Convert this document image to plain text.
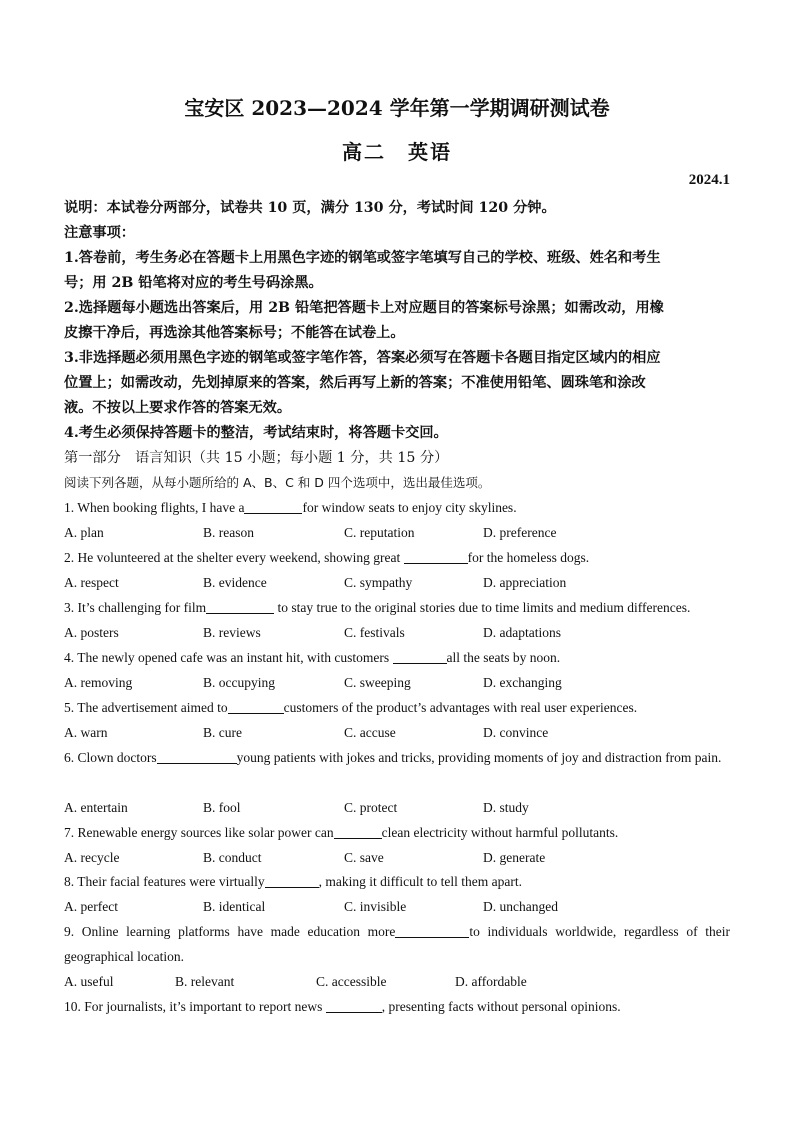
宝安区 2023—2024 学年第一学期调研测试卷
高二　英语
2024.1
说明：本试卷分两部分，试卷共 10 页，满分 130 分，考试时间 120 分钟。
注意事项：
1.答卷前，考生务必在答题卡上用黑色字迹的钢笔或签字笔填写自己的学校、班级、姓名和考生
号；用 2B 铅笔将对应的考生号码涂黑。
2.选择题每小题选出答案后，用 2B 铅笔把答题卡上对应题目的答案标号涂黑；如需改动，用橡
皮擦干净后，再选涂其他答案标号；不能答在试卷上。
3.非选择题必须用黑色字迹的钢笔或签字笔作答，答案必须写在答题卡各题目指定区域内的相应
位置上；如需改动，先划掉原来的答案，然后再写上新的答案；不准使用铅笔、圆珠笔和涂改
液。不按以上要求作答的答案无效。
4.考生必须保持答题卡的整洁，考试结束时，将答题卡交回。
第一部分　语言知识（共 15 小题；每小题 1 分，共 15 分）
阅读下列各题，从每小题所给的 A、B、C 和 D 四个选项中，选出最佳选项。
1. When booking flights, I have a	for window seats to enjoy city skylines.
A. plan	B. reason	C. reputation	D. preference
2. He volunteered at the shelter every weekend, showing great	for the homeless dogs.
A. respect	B. evidence	C. sympathy	D. appreciation
3. It’s challenging for film	to stay true to the original stories due to time limits and medium differences.
A. posters	B. reviews	C. festivals	D. adaptations
4. The newly opened cafe was an instant hit, with customers	all the seats by noon.
A. removing	B. occupying	C. sweeping	D. exchanging
5. The advertisement aimed to	customers of the product’s advantages with real user experiences.
A. warn	B. cure	C. accuse	D. convince
6. Clown doctors	young patients with jokes and tricks, providing moments of joy and distraction from pain.
A. entertain	B. fool	C. protect	D. study
7. Renewable energy sources like solar power can	clean electricity without harmful pollutants.
A. recycle	B. conduct	C. save	D. generate
8. Their facial features were virtually	, making it difficult to tell them apart.
A. perfect	B. identical	C. invisible	D. unchanged
9. Online learning platforms have made education more	to individuals worldwide, regardless of their geographical location.
A. useful	B. relevant	C. accessible	D. affordable
10. For journalists, it’s important to report news	, presenting facts without personal opinions.
